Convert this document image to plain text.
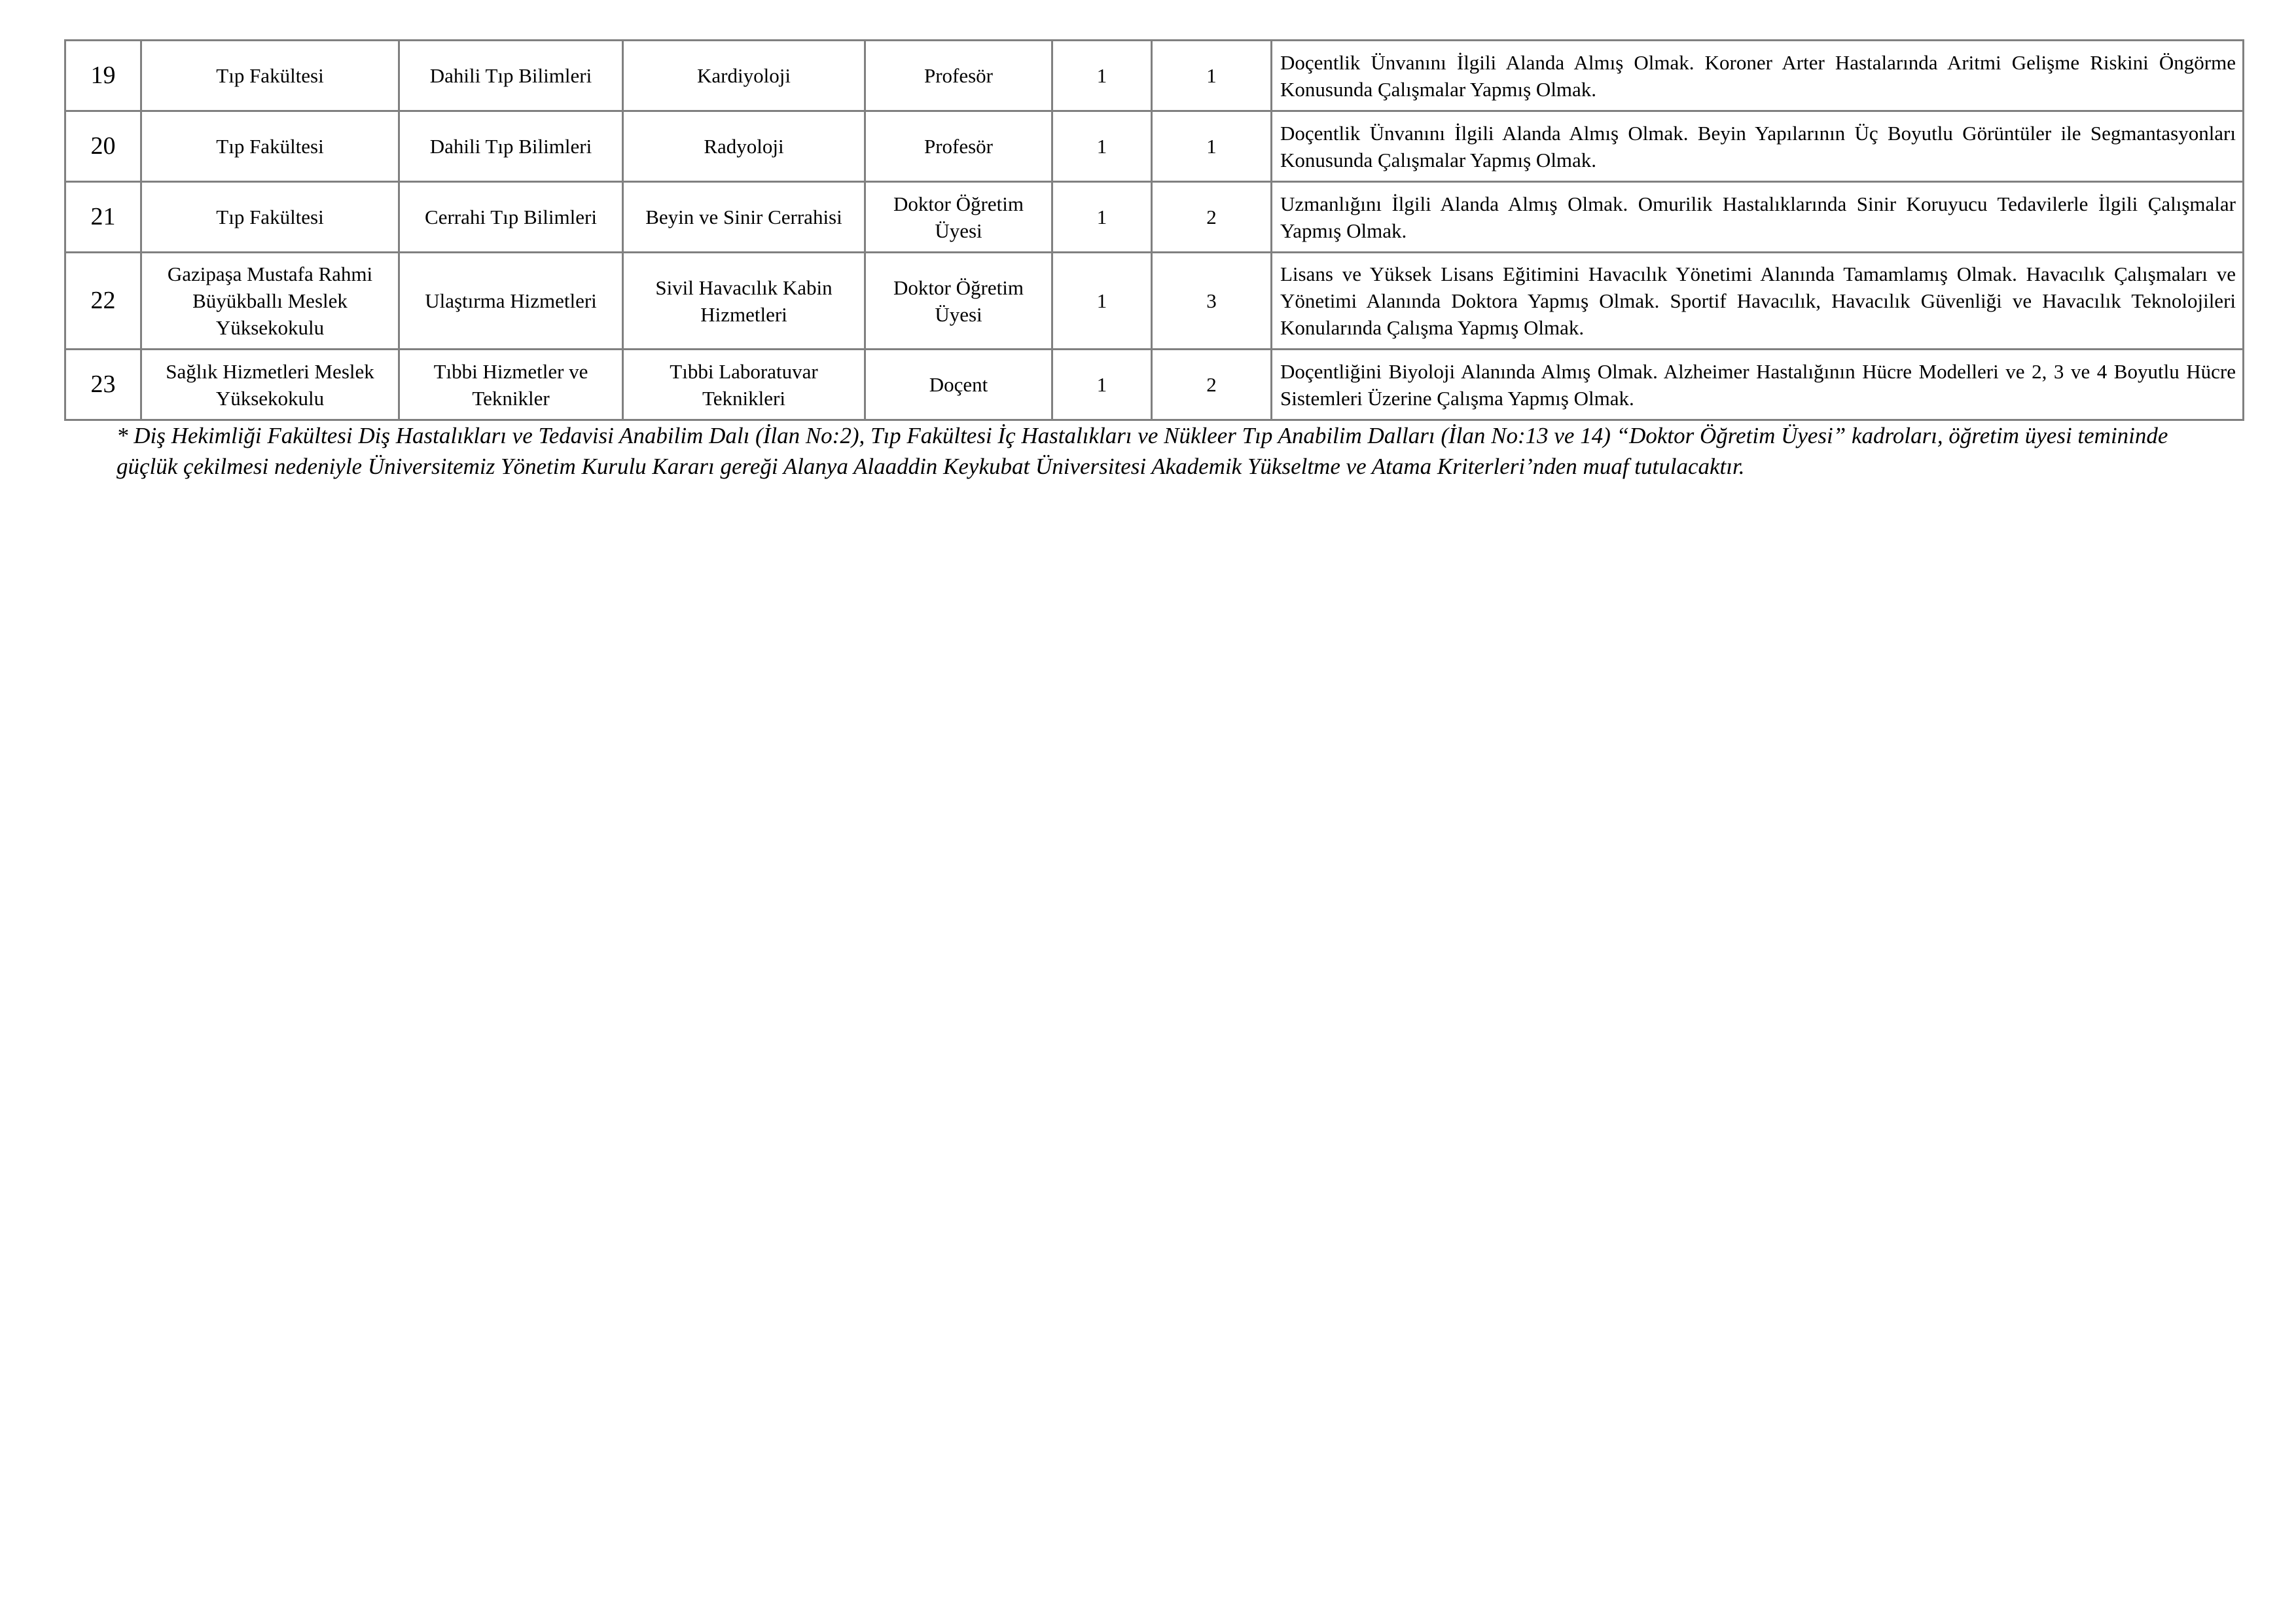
19	Tıp Fakültesi	Dahili Tıp Bilimleri	Kardiyoloji	Profesör	1	1	Doçentlik Ünvanını İlgili Alanda Almış Olmak. Koroner Arter Hastalarında Aritmi Gelişme Riskini Öngörme Konusunda Çalışmalar Yapmış Olmak.
20	Tıp Fakültesi	Dahili Tıp Bilimleri	Radyoloji	Profesör	1	1	Doçentlik Ünvanını İlgili Alanda Almış Olmak. Beyin Yapılarının Üç Boyutlu Görüntüler ile Segmantasyonları Konusunda Çalışmalar Yapmış Olmak.
21	Tıp Fakültesi	Cerrahi Tıp Bilimleri	Beyin ve Sinir Cerrahisi	Doktor Öğretim Üyesi	1	2	Uzmanlığını İlgili Alanda Almış Olmak. Omurilik Hastalıklarında Sinir Koruyucu Tedavilerle İlgili Çalışmalar Yapmış Olmak.
22	Gazipaşa Mustafa Rahmi Büyükballı Meslek Yüksekokulu	Ulaştırma Hizmetleri	Sivil Havacılık Kabin Hizmetleri	Doktor Öğretim Üyesi	1	3	Lisans ve Yüksek Lisans Eğitimini Havacılık Yönetimi Alanında Tamamlamış Olmak. Havacılık Çalışmaları ve Yönetimi Alanında Doktora Yapmış Olmak. Sportif Havacılık, Havacılık Güvenliği ve Havacılık Teknolojileri Konularında Çalışma Yapmış Olmak.
23	Sağlık Hizmetleri Meslek Yüksekokulu	Tıbbi Hizmetler ve Teknikler	Tıbbi Laboratuvar Teknikleri	Doçent	1	2	Doçentliğini Biyoloji Alanında Almış Olmak. Alzheimer Hastalığının Hücre Modelleri ve 2, 3 ve 4 Boyutlu Hücre Sistemleri Üzerine Çalışma Yapmış Olmak.
* Diş Hekimliği Fakültesi Diş Hastalıkları ve Tedavisi Anabilim Dalı (İlan No:2), Tıp Fakültesi İç Hastalıkları ve Nükleer Tıp Anabilim Dalları (İlan No:13 ve 14) “Doktor Öğretim Üyesi” kadroları, öğretim üyesi temininde güçlük çekilmesi nedeniyle Üniversitemiz Yönetim Kurulu Kararı gereği Alanya Alaaddin Keykubat Üniversitesi Akademik Yükseltme ve Atama Kriterleri’nden muaf tutulacaktır.
